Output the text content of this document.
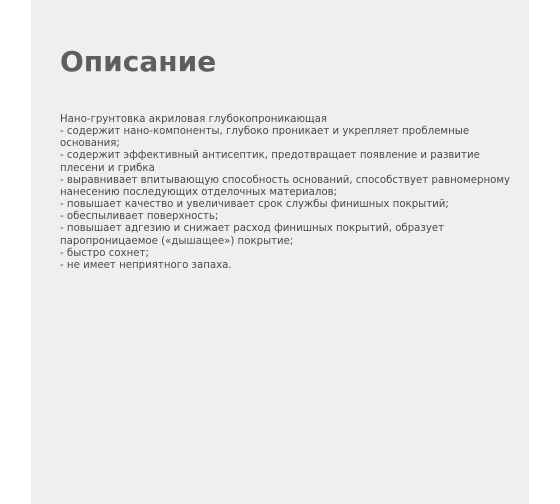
Описание
Нано-грунтовка акриловая глубокопроникающая
- содержит нано-компоненты, глубоко проникает и укрепляет проблемные
основания;
- содержит эффективный антисептик, предотвращает появление и развитие
плесени и грибка
- выравнивает впитывающую способность оснований, способствует равномерному
нанесению последующих отделочных материалов;
- повышает качество и увеличивает срок службы финишных покрытий;
- обеспыливает поверхность;
- повышает адгезию и снижает расход финишных покрытий, образует
паропроницаемое («дышащее») покрытие;
- быстро сохнет;
- не имеет неприятного запаха.
